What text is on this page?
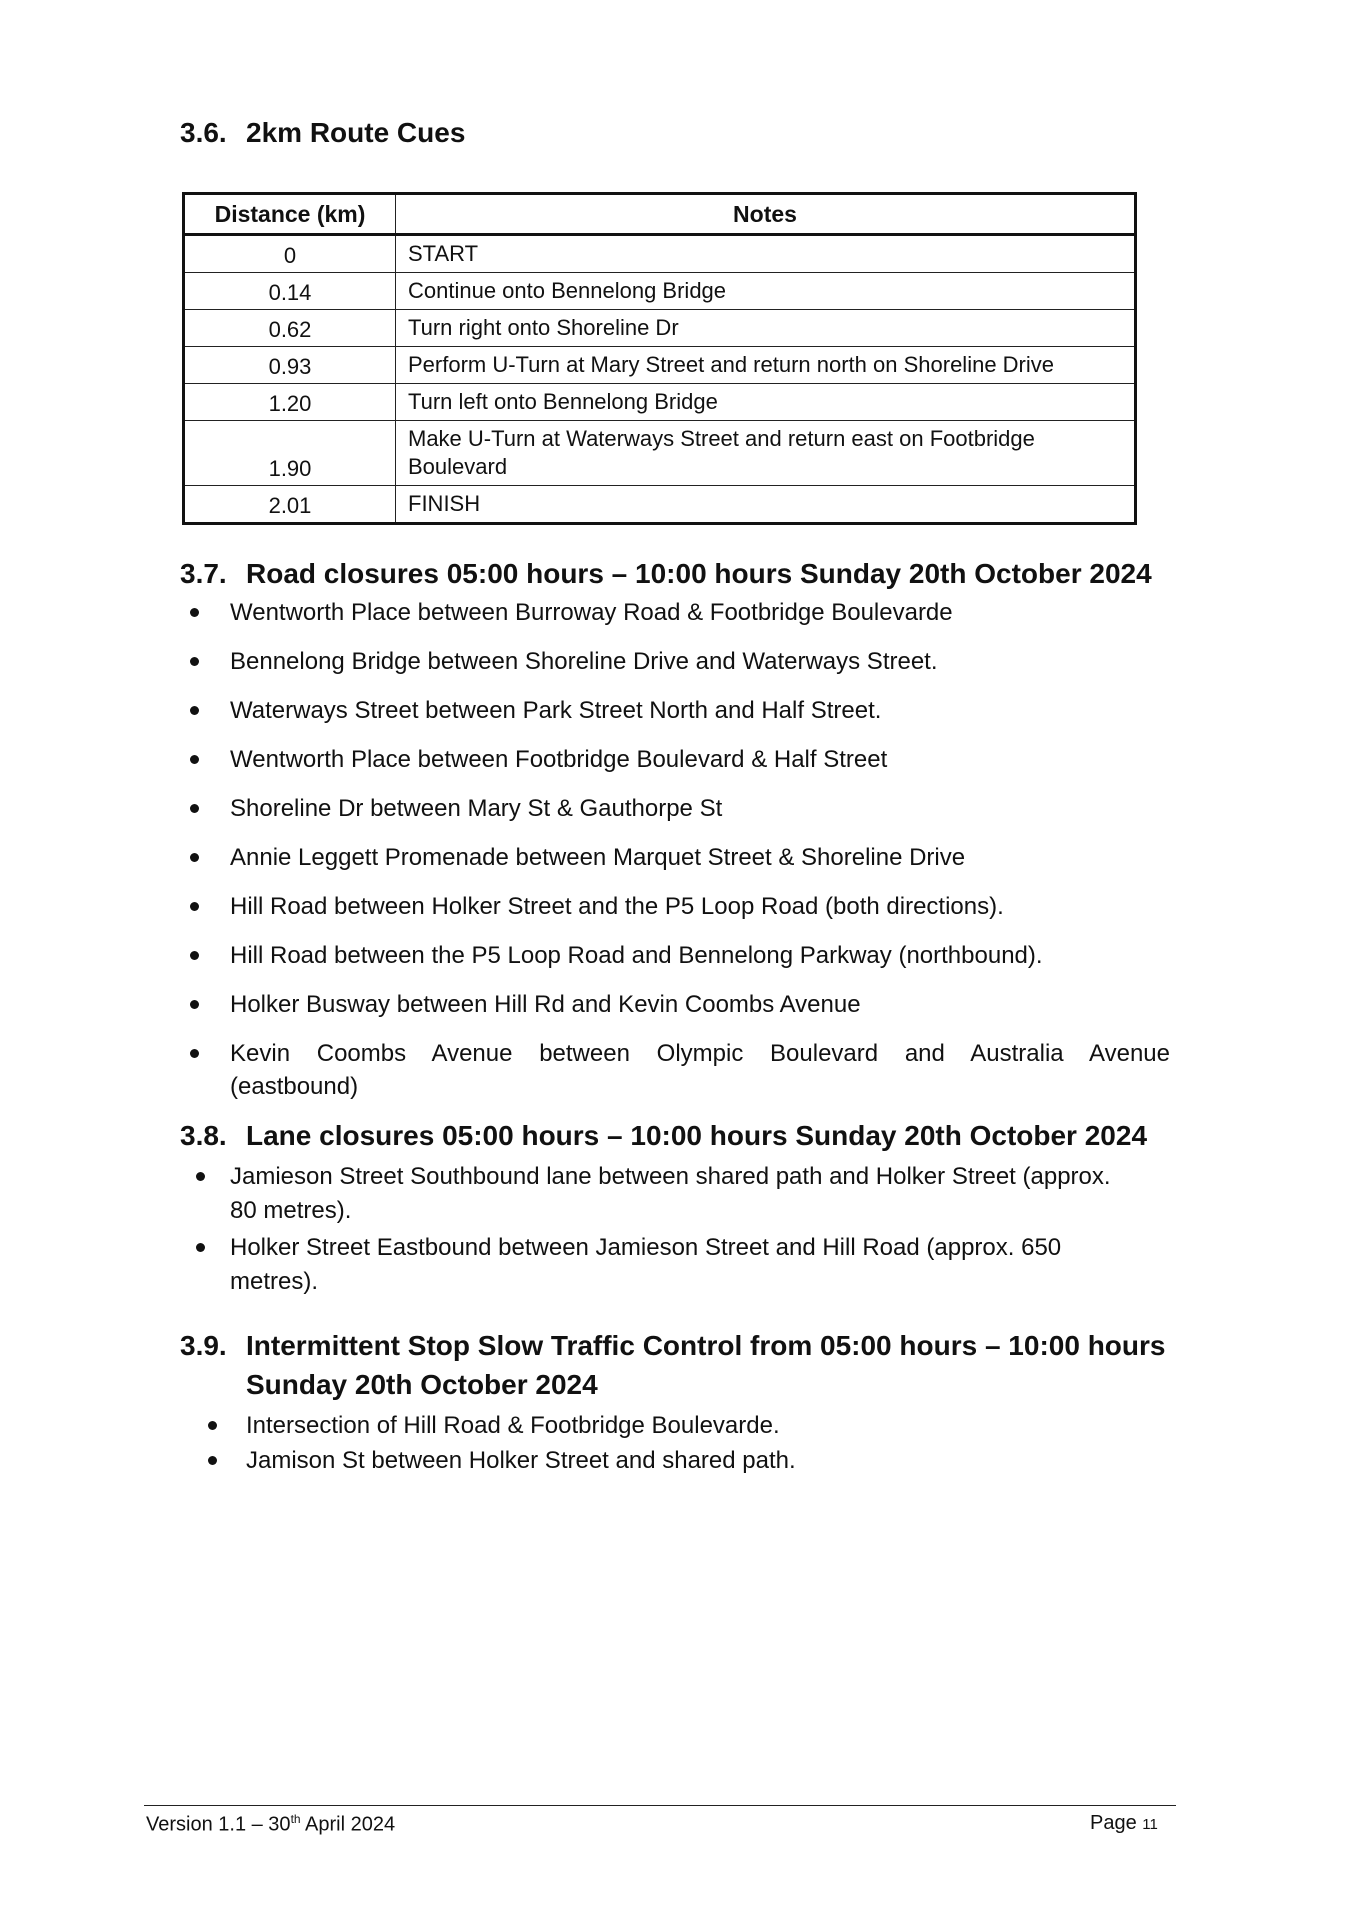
3.6. 2km Route Cues
Distance (km)	Notes
0	START
0.14	Continue onto Bennelong Bridge
0.62	Turn right onto Shoreline Dr
0.93	Perform U-Turn at Mary Street and return north on Shoreline Drive
1.20	Turn left onto Bennelong Bridge
1.90	Make U-Turn at Waterways Street and return east on Footbridge
Boulevard

2.01	FINISH
3.7. Road closures 05:00 hours – 10:00 hours Sunday 20th October 2024
Wentworth Place between Burroway Road & Footbridge Boulevarde
Bennelong Bridge between Shoreline Drive and Waterways Street.
Waterways Street between Park Street North and Half Street.
Wentworth Place between Footbridge Boulevard & Half Street
Shoreline Dr between Mary St & Gauthorpe St
Annie Leggett Promenade between Marquet Street & Shoreline Drive
Hill Road between Holker Street and the P5 Loop Road (both directions).
Hill Road between the P5 Loop Road and Bennelong Parkway (northbound).
Holker Busway between Hill Rd and Kevin Coombs Avenue
Kevin Coombs Avenue between Olympic Boulevard and Australia Avenue
(eastbound)
3.8. Lane closures 05:00 hours – 10:00 hours Sunday 20th October 2024
Jamieson Street Southbound lane between shared path and Holker Street (approx.
80 metres).
Holker Street Eastbound between Jamieson Street and Hill Road (approx. 650
metres).
3.9. Intermittent Stop Slow Traffic Control from 05:00 hours – 10:00 hours
Sunday 20th October 2024
Intersection of Hill Road & Footbridge Boulevarde.
Jamison St between Holker Street and shared path.
Version 1.1 – 30th April 2024	Page 11
